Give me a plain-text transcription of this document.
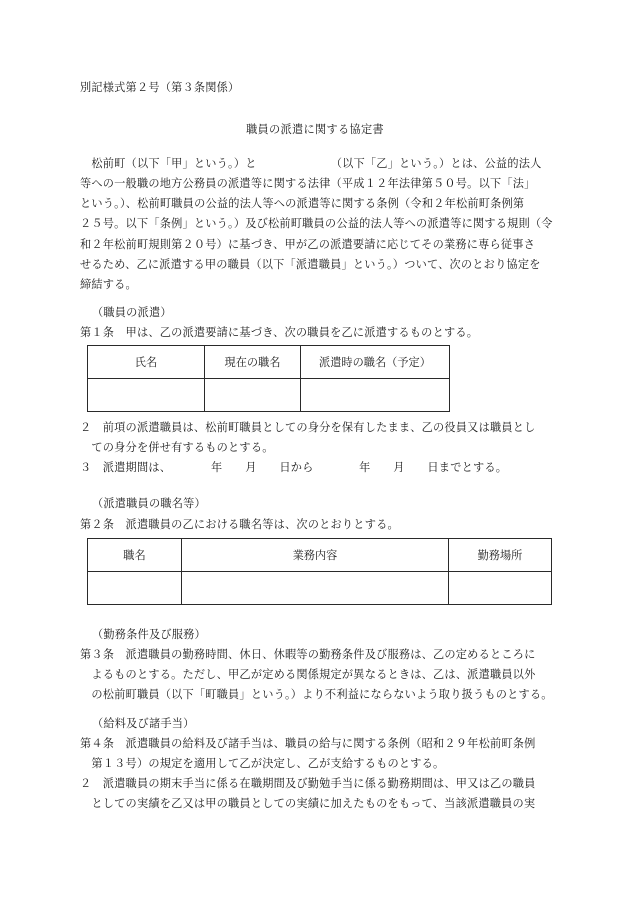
別記様式第２号（第３条関係）
職員の派遣に関する協定書
　松前町（以下「甲」という。）と　　　　　　　（以下「乙」という。）とは、公益的法人
等への一般職の地方公務員の派遣等に関する法律（平成１２年法律第５０号。以下「法」
という。）、松前町職員の公益的法人等への派遣等に関する条例（令和２年松前町条例第
２５号。以下「条例」という。）及び松前町職員の公益的法人等への派遣等に関する規則（令
和２年松前町規則第２０号）に基づき、甲が乙の派遣要請に応じてその業務に専ら従事さ
せるため、乙に派遣する甲の職員（以下「派遣職員」という。）ついて、次のとおり協定を
締結する。
（職員の派遣）
第１条　甲は、乙の派遣要請に基づき、次の職員を乙に派遣するものとする。
氏名	現在の職名	派遣時の職名（予定）

２　前項の派遣職員は、松前町職員としての身分を保有したまま、乙の役員又は職員とし
　ての身分を併せ有するものとする。
３　派遣期間は、　　　　年　　月　　日から　　　　年　　月　　日までとする。
（派遣職員の職名等）
第２条　派遣職員の乙における職名等は、次のとおりとする。
職名	業務内容	勤務場所

（勤務条件及び服務）
第３条　派遣職員の勤務時間、休日、休暇等の勤務条件及び服務は、乙の定めるところに
　よるものとする。ただし、甲乙が定める関係規定が異なるときは、乙は、派遣職員以外
　の松前町職員（以下「町職員」という。）より不利益にならないよう取り扱うものとする。
（給料及び諸手当）
第４条　派遣職員の給料及び諸手当は、職員の給与に関する条例（昭和２９年松前町条例
　第１３号）の規定を適用して乙が決定し、乙が支給するものとする。
２　派遣職員の期末手当に係る在職期間及び勤勉手当に係る勤務期間は、甲又は乙の職員
　としての実績を乙又は甲の職員としての実績に加えたものをもって、当該派遣職員の実
